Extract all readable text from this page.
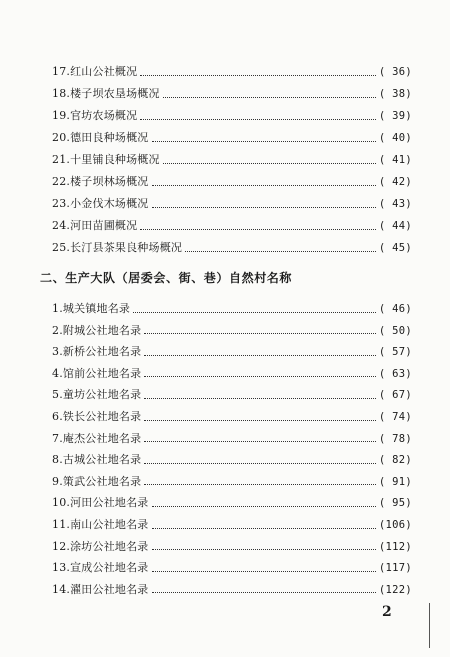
17.红山公社概况	( 36)
18.楼子坝农垦场概况	( 38)
19.官坊农场概况	( 39)
20.德田良种场概况	( 40)
21.十里铺良种场概况	( 41)
22.楼子坝林场概况	( 42)
23.小金伐木场概况	( 43)
24.河田苗圃概况	( 44)
25.长汀县茶果良种场概况	( 45)
二、生产大队（居委会、街、巷）自然村名称
1.城关镇地名录	( 46)
2.附城公社地名录	( 50)
3.新桥公社地名录	( 57)
4.馆前公社地名录	( 63)
5.童坊公社地名录	( 67)
6.铁长公社地名录	( 74)
7.庵杰公社地名录	( 78)
8.古城公社地名录	( 82)
9.策武公社地名录	( 91)
10.河田公社地名录	( 95)
11.南山公社地名录	(106)
12.涂坊公社地名录	(112)
13.宣成公社地名录	(117)
14.濯田公社地名录	(122)
2
